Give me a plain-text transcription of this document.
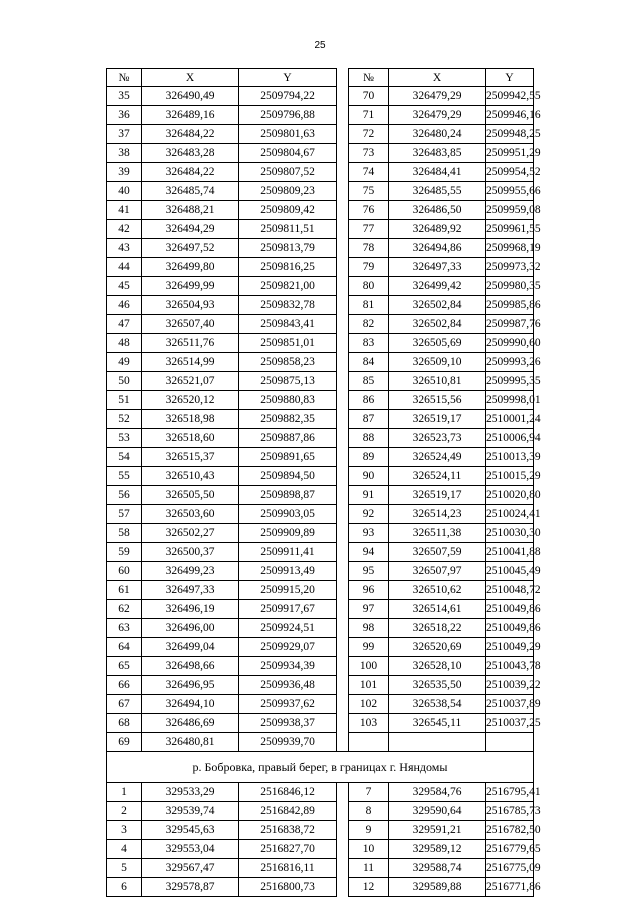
25
№	X	Y		№	X	Y
35	326490,49	2509794,22		70	326479,29	2509942,55
36	326489,16	2509796,88		71	326479,29	2509946,16
37	326484,22	2509801,63		72	326480,24	2509948,25
38	326483,28	2509804,67		73	326483,85	2509951,29
39	326484,22	2509807,52		74	326484,41	2509954,52
40	326485,74	2509809,23		75	326485,55	2509955,66
41	326488,21	2509809,42		76	326486,50	2509959,08
42	326494,29	2509811,51		77	326489,92	2509961,55
43	326497,52	2509813,79		78	326494,86	2509968,19
44	326499,80	2509816,25		79	326497,33	2509973,32
45	326499,99	2509821,00		80	326499,42	2509980,35
46	326504,93	2509832,78		81	326502,84	2509985,86
47	326507,40	2509843,41		82	326502,84	2509987,76
48	326511,76	2509851,01		83	326505,69	2509990,60
49	326514,99	2509858,23		84	326509,10	2509993,26
50	326521,07	2509875,13		85	326510,81	2509995,35
51	326520,12	2509880,83		86	326515,56	2509998,01
52	326518,98	2509882,35		87	326519,17	2510001,24
53	326518,60	2509887,86		88	326523,73	2510006,94
54	326515,37	2509891,65		89	326524,49	2510013,39
55	326510,43	2509894,50		90	326524,11	2510015,29
56	326505,50	2509898,87		91	326519,17	2510020,80
57	326503,60	2509903,05		92	326514,23	2510024,41
58	326502,27	2509909,89		93	326511,38	2510030,30
59	326500,37	2509911,41		94	326507,59	2510041,88
60	326499,23	2509913,49		95	326507,97	2510045,49
61	326497,33	2509915,20		96	326510,62	2510048,72
62	326496,19	2509917,67		97	326514,61	2510049,86
63	326496,00	2509924,51		98	326518,22	2510049,86
64	326499,04	2509929,07		99	326520,69	2510049,29
65	326498,66	2509934,39		100	326528,10	2510043,78
66	326496,95	2509936,48		101	326535,50	2510039,22
67	326494,10	2509937,62		102	326538,54	2510037,89
68	326486,69	2509938,37		103	326545,11	2510037,25
69	326480,81	2509939,70				
р. Бобровка, правый берег, в границах г. Няндомы						
1	329533,29	2516846,12		7	329584,76	2516795,41
2	329539,74	2516842,89		8	329590,64	2516785,73
3	329545,63	2516838,72		9	329591,21	2516782,50
4	329553,04	2516827,70		10	329589,12	2516779,65
5	329567,47	2516816,11		11	329588,74	2516775,09
6	329578,87	2516800,73		12	329589,88	2516771,86
